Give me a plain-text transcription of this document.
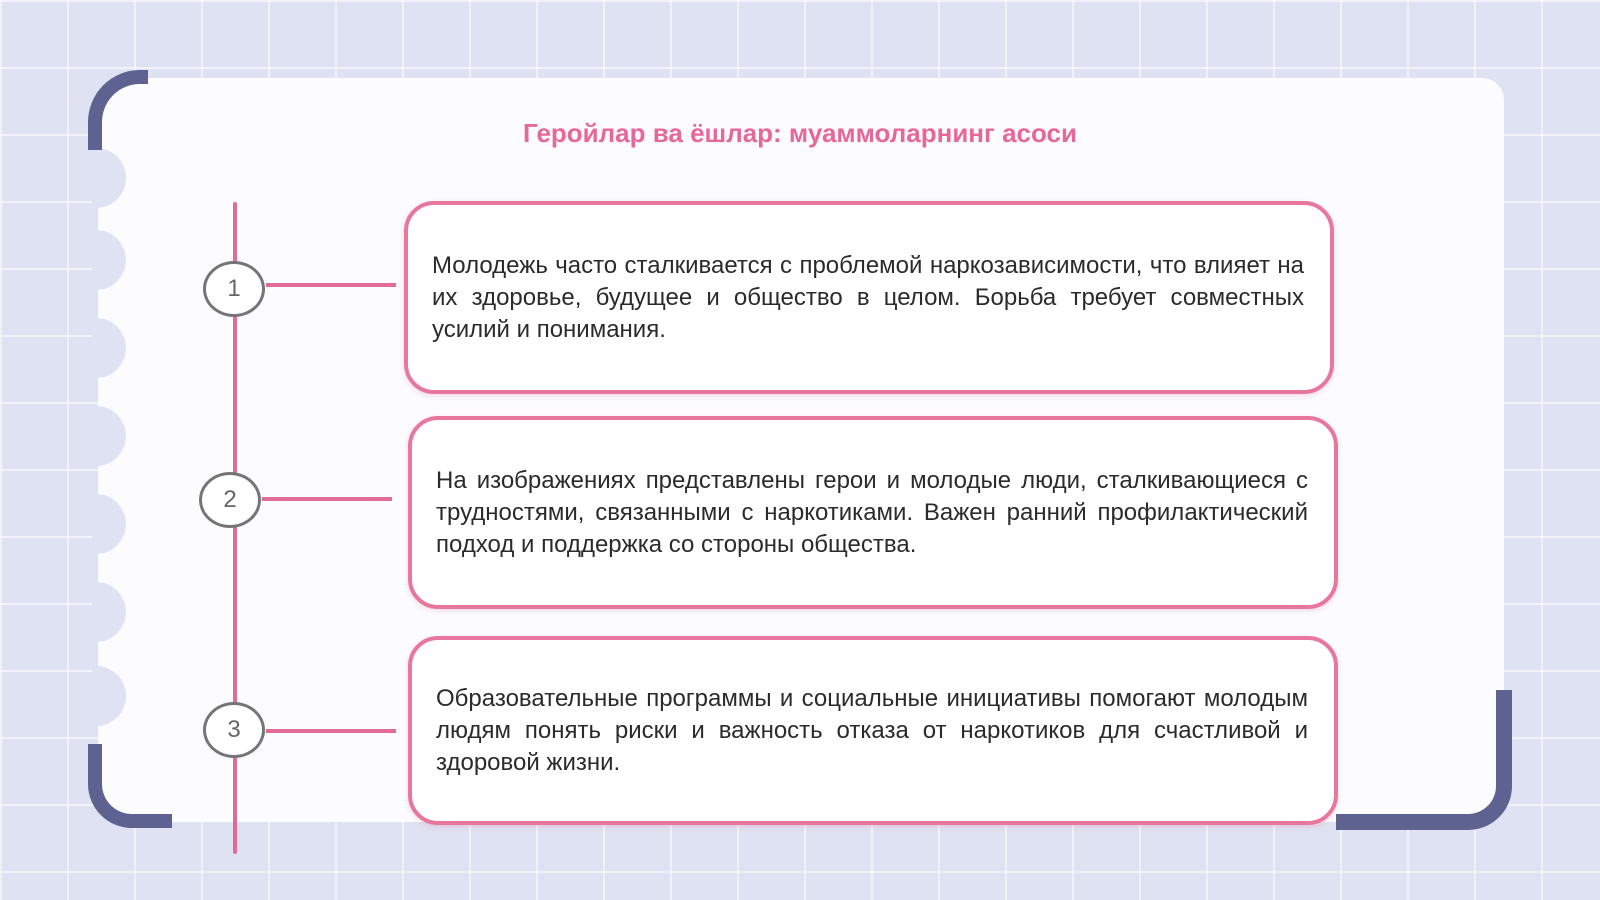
Геройлар ва ёшлар: муаммоларнинг асоси
1
2
3

Молодежь часто сталкивается с проблемой наркозависимости, что влияет на их здоровье, будущее и общество в целом. Борьба требует совместных усилий и понимания.

На изображениях представлены герои и молодые люди, сталкивающиеся с трудностями, связанными с наркотиками. Важен ранний профилактический подход и поддержка со стороны общества.

Образовательные программы и социальные инициативы помогают молодым людям понять риски и важность отказа от наркотиков для счастливой и здоровой жизни.
